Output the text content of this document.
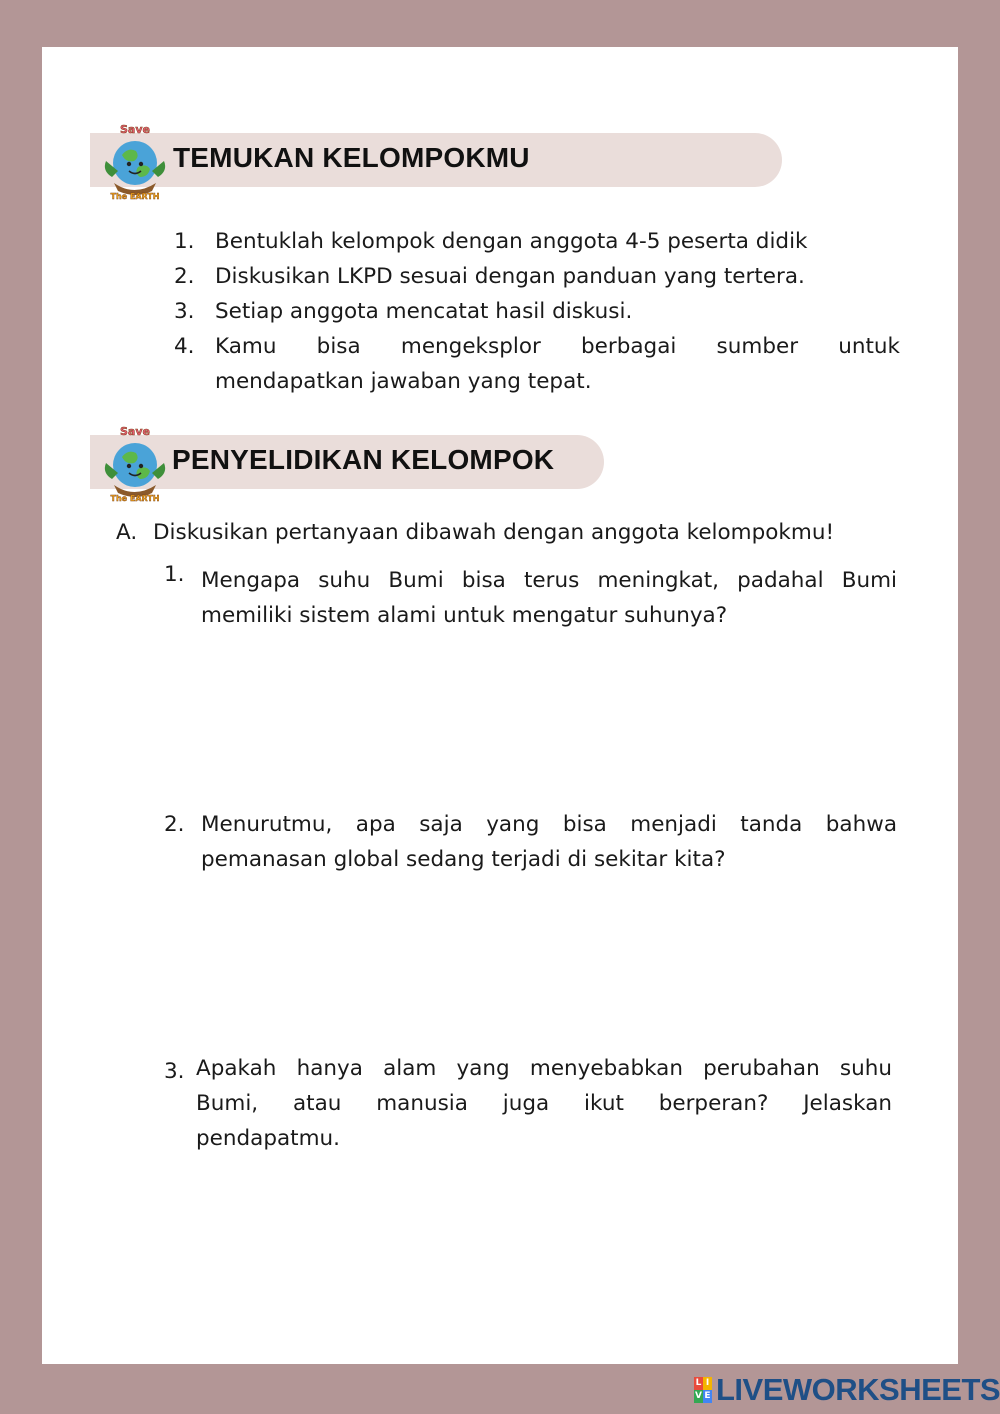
Save
The EARTH
TEMUKAN KELOMPOKMU
1. Bentuklah kelompok dengan anggota 4-5 peserta didik
2. Diskusikan LKPD sesuai dengan panduan yang tertera.
3. Setiap anggota mencatat hasil diskusi.
4. Kamu bisa mengeksplor berbagai sumber untuk
mendapatkan jawaban yang tepat.
Save
The EARTH
PENYELIDIKAN KELOMPOK
A. Diskusikan pertanyaan dibawah dengan anggota kelompokmu!
1. Mengapa suhu Bumi bisa terus meningkat, padahal Bumi
memiliki sistem alami untuk mengatur suhunya?
2. Menurutmu, apa saja yang bisa menjadi tanda bahwa
pemanasan global sedang terjadi di sekitar kita?
3. Apakah hanya alam yang menyebabkan perubahan suhu
Bumi, atau manusia juga ikut berperan? Jelaskan
pendapatmu.
L I
V E LIVEWORKSHEETS
